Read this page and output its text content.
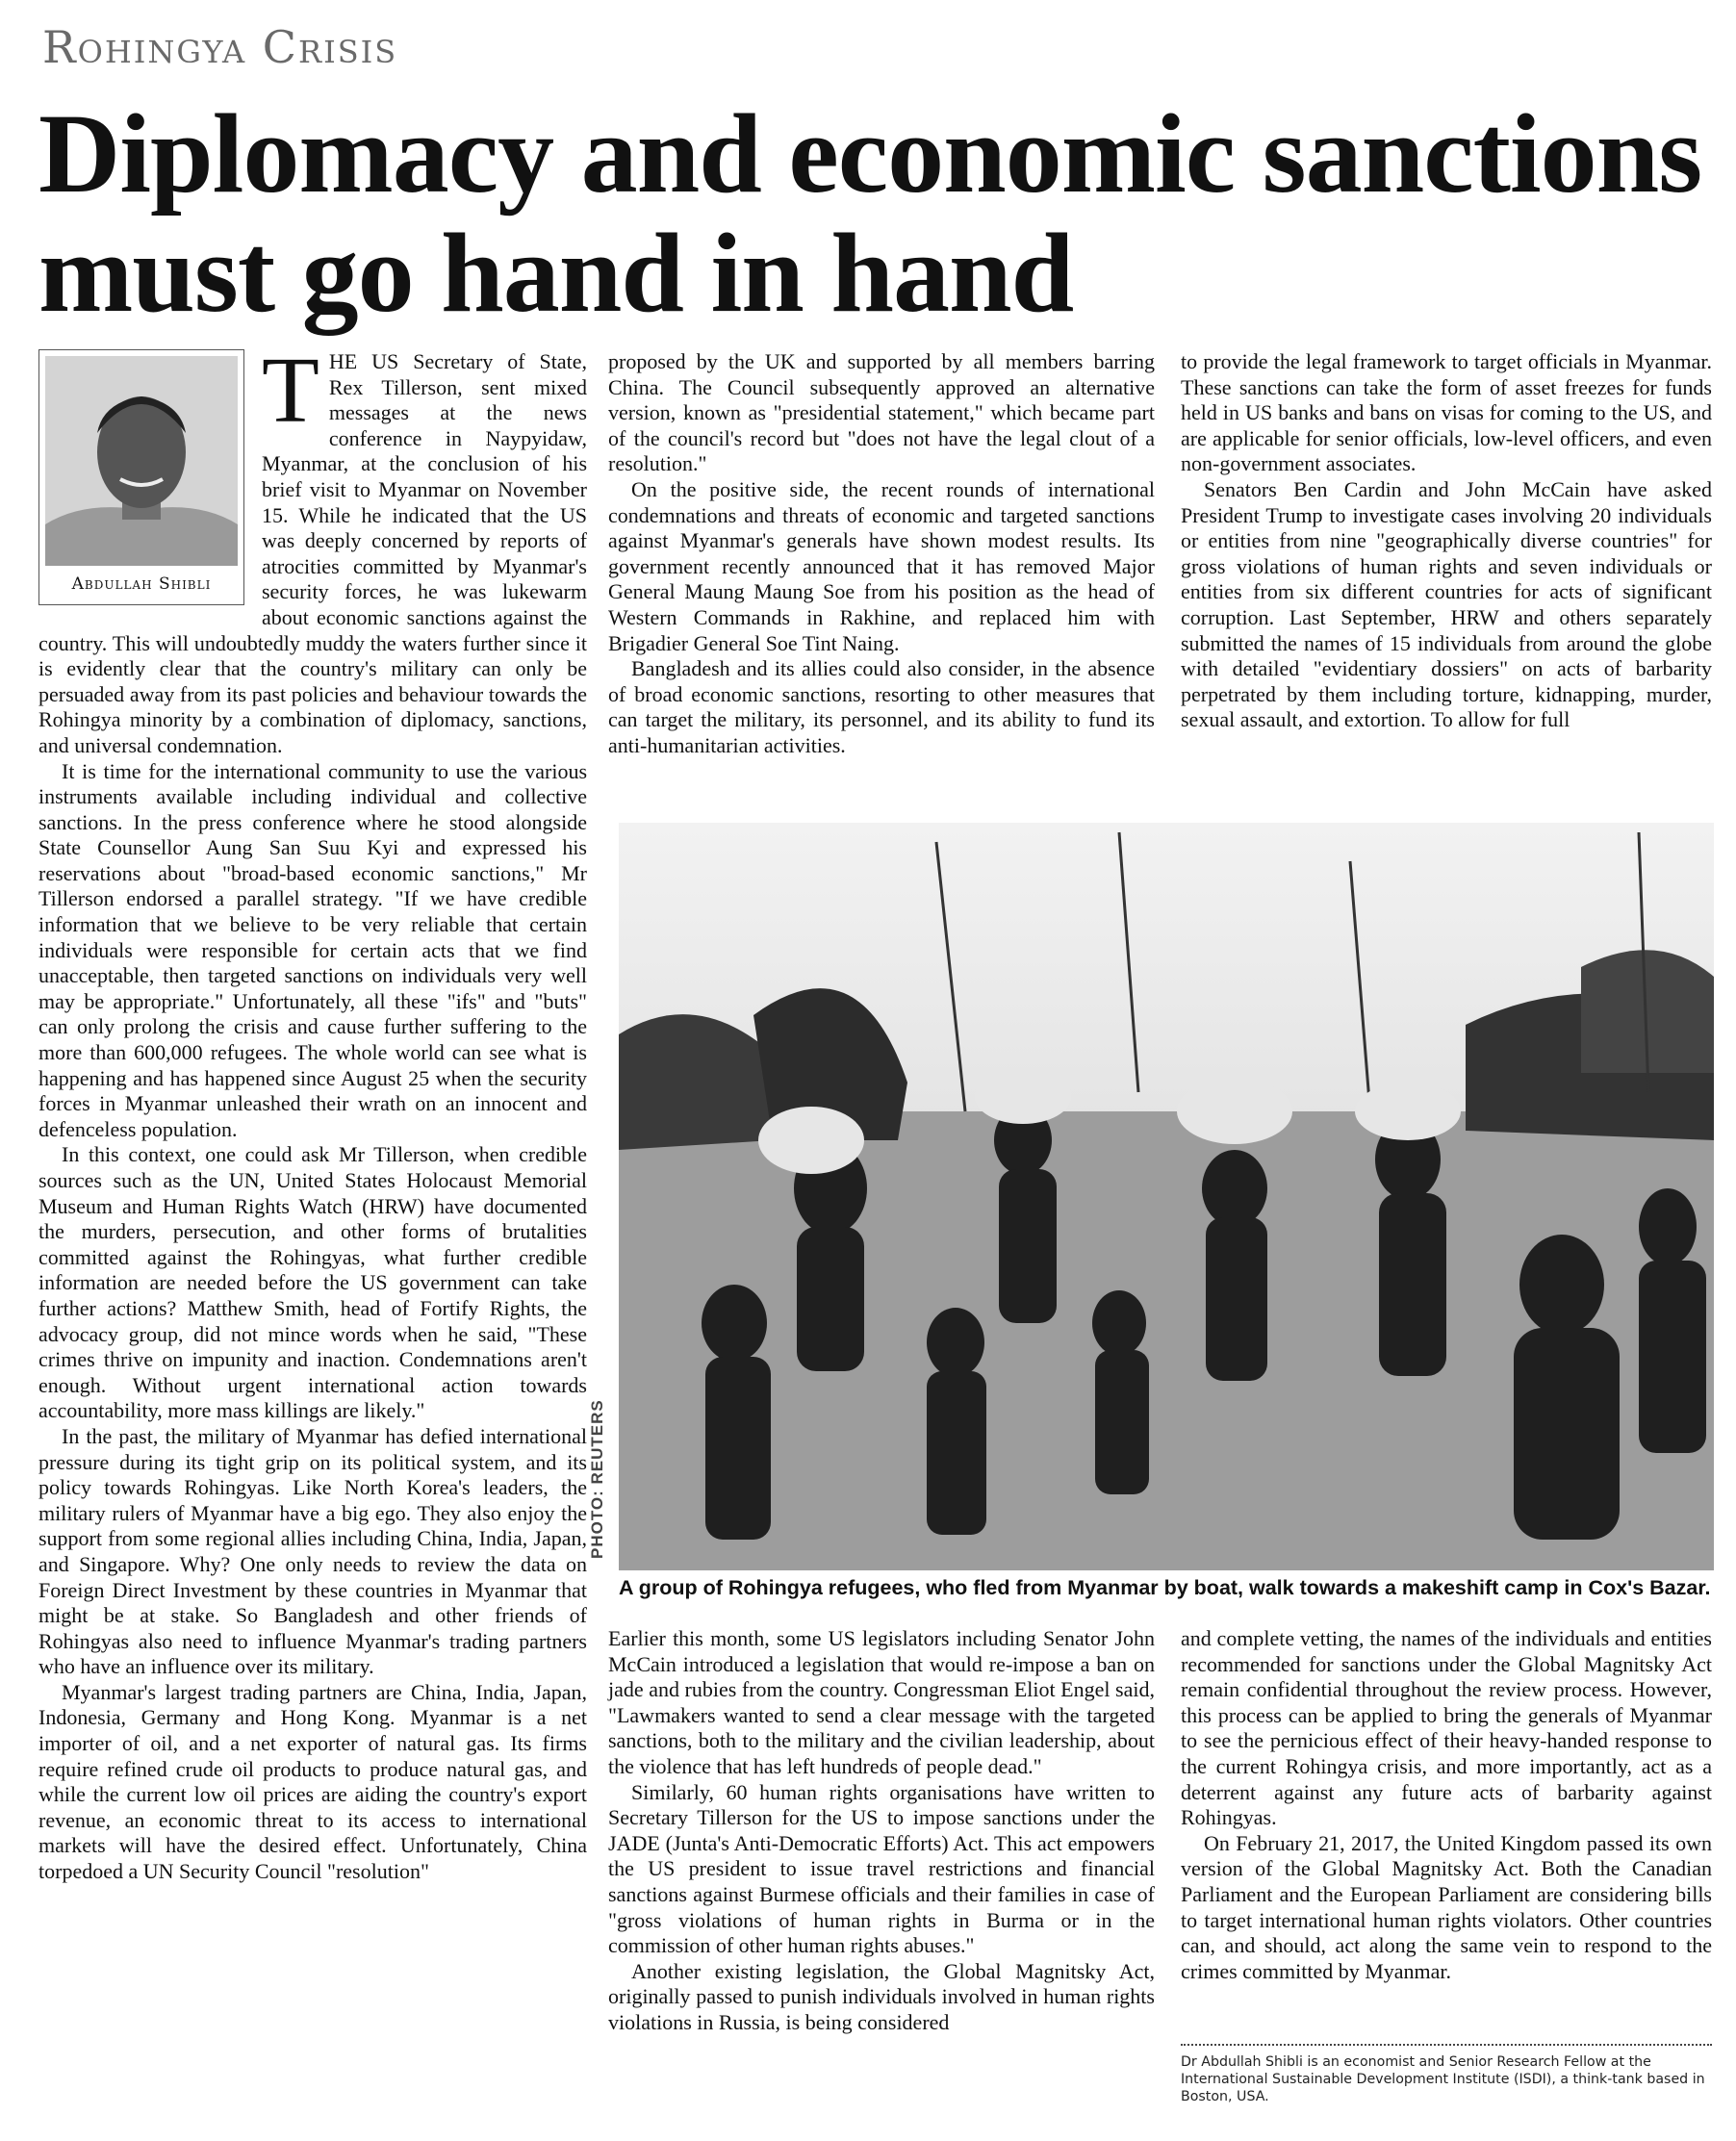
Rohingya Crisis
Diplomacy and economic sanctions must go hand in hand
Abdullah Shibli
T HE US Secretary of State, Rex Tillerson, sent mixed messages at the news conference in Naypyidaw, Myanmar, at the conclusion of his brief visit to Myanmar on November 15. While he indicated that the US was deeply concerned by reports of atrocities committed by Myanmar's security forces, he was lukewarm about economic sanctions against the country. This will undoubtedly muddy the waters further since it is evidently clear that the country's military can only be persuaded away from its past policies and behaviour towards the Rohingya minority by a combination of diplomacy, sanctions, and universal condemnation.

It is time for the international community to use the various instruments available including individual and collective sanctions. In the press conference where he stood alongside State Counsellor Aung San Suu Kyi and expressed his reservations about "broad-based economic sanctions," Mr Tillerson endorsed a parallel strategy. "If we have credible information that we believe to be very reliable that certain individuals were responsible for certain acts that we find unacceptable, then targeted sanctions on individuals very well may be appropriate." Unfortunately, all these "ifs" and "buts" can only prolong the crisis and cause further suffering to the more than 600,000 refugees. The whole world can see what is happening and has happened since August 25 when the security forces in Myanmar unleashed their wrath on an innocent and defenceless population.

In this context, one could ask Mr Tillerson, when credible sources such as the UN, United States Holocaust Memorial Museum and Human Rights Watch (HRW) have documented the murders, persecution, and other forms of brutalities committed against the Rohingyas, what further credible information are needed before the US government can take further actions? Matthew Smith, head of Fortify Rights, the advocacy group, did not mince words when he said, "These crimes thrive on impunity and inaction. Condemnations aren't enough. Without urgent international action towards accountability, more mass killings are likely."

In the past, the military of Myanmar has defied international pressure during its tight grip on its political system, and its policy towards Rohingyas. Like North Korea's leaders, the military rulers of Myanmar have a big ego. They also enjoy the support from some regional allies including China, India, Japan, and Singapore. Why? One only needs to review the data on Foreign Direct Investment by these countries in Myanmar that might be at stake. So Bangladesh and other friends of Rohingyas also need to influence Myanmar's trading partners who have an influence over its military.

Myanmar's largest trading partners are China, India, Japan, Indonesia, Germany and Hong Kong. Myanmar is a net importer of oil, and a net exporter of natural gas. Its firms require refined crude oil products to produce natural gas, and while the current low oil prices are aiding the country's export revenue, an economic threat to its access to international markets will have the desired effect. Unfortunately, China torpedoed a UN Security Council "resolution"

proposed by the UK and supported by all members barring China. The Council subsequently approved an alternative version, known as "presidential statement," which became part of the council's record but "does not have the legal clout of a resolution."

On the positive side, the recent rounds of international condemnations and threats of economic and targeted sanctions against Myanmar's generals have shown modest results. Its government recently announced that it has removed Major General Maung Maung Soe from his position as the head of Western Commands in Rakhine, and replaced him with Brigadier General Soe Tint Naing.

Bangladesh and its allies could also consider, in the absence of broad economic sanctions, resorting to other measures that can target the military, its personnel, and its ability to fund its anti-humanitarian activities.

to provide the legal framework to target officials in Myanmar. These sanctions can take the form of asset freezes for funds held in US banks and bans on visas for coming to the US, and are applicable for senior officials, low-level officers, and even non-government associates.

Senators Ben Cardin and John McCain have asked President Trump to investigate cases involving 20 individuals or entities from nine "geographically diverse countries" for gross violations of human rights and seven individuals or entities from six different countries for acts of significant corruption. Last September, HRW and others separately submitted the names of 15 individuals from around the globe with detailed "evidentiary dossiers" on acts of barbarity perpetrated by them including torture, kidnapping, murder, sexual assault, and extortion. To allow for full

PHOTO: REUTERS

A group of Rohingya refugees, who fled from Myanmar by boat, walk towards a makeshift camp in Cox's Bazar.

Earlier this month, some US legislators including Senator John McCain introduced a legislation that would re-impose a ban on jade and rubies from the country. Congressman Eliot Engel said, "Lawmakers wanted to send a clear message with the targeted sanctions, both to the military and the civilian leadership, about the violence that has left hundreds of people dead."

Similarly, 60 human rights organisations have written to Secretary Tillerson for the US to impose sanctions under the JADE (Junta's Anti-Democratic Efforts) Act. This act empowers the US president to issue travel restrictions and financial sanctions against Burmese officials and their families in case of "gross violations of human rights in Burma or in the commission of other human rights abuses."

Another existing legislation, the Global Magnitsky Act, originally passed to punish individuals involved in human rights violations in Russia, is being considered

and complete vetting, the names of the individuals and entities recommended for sanctions under the Global Magnitsky Act remain confidential throughout the review process. However, this process can be applied to bring the generals of Myanmar to see the pernicious effect of their heavy-handed response to the current Rohingya crisis, and more importantly, act as a deterrent against any future acts of barbarity against Rohingyas.

On February 21, 2017, the United Kingdom passed its own version of the Global Magnitsky Act. Both the Canadian Parliament and the European Parliament are considering bills to target international human rights violators. Other countries can, and should, act along the same vein to respond to the crimes committed by Myanmar.

Dr Abdullah Shibli is an economist and Senior Research Fellow at the International Sustainable Development Institute (ISDI), a think-tank based in Boston, USA.
